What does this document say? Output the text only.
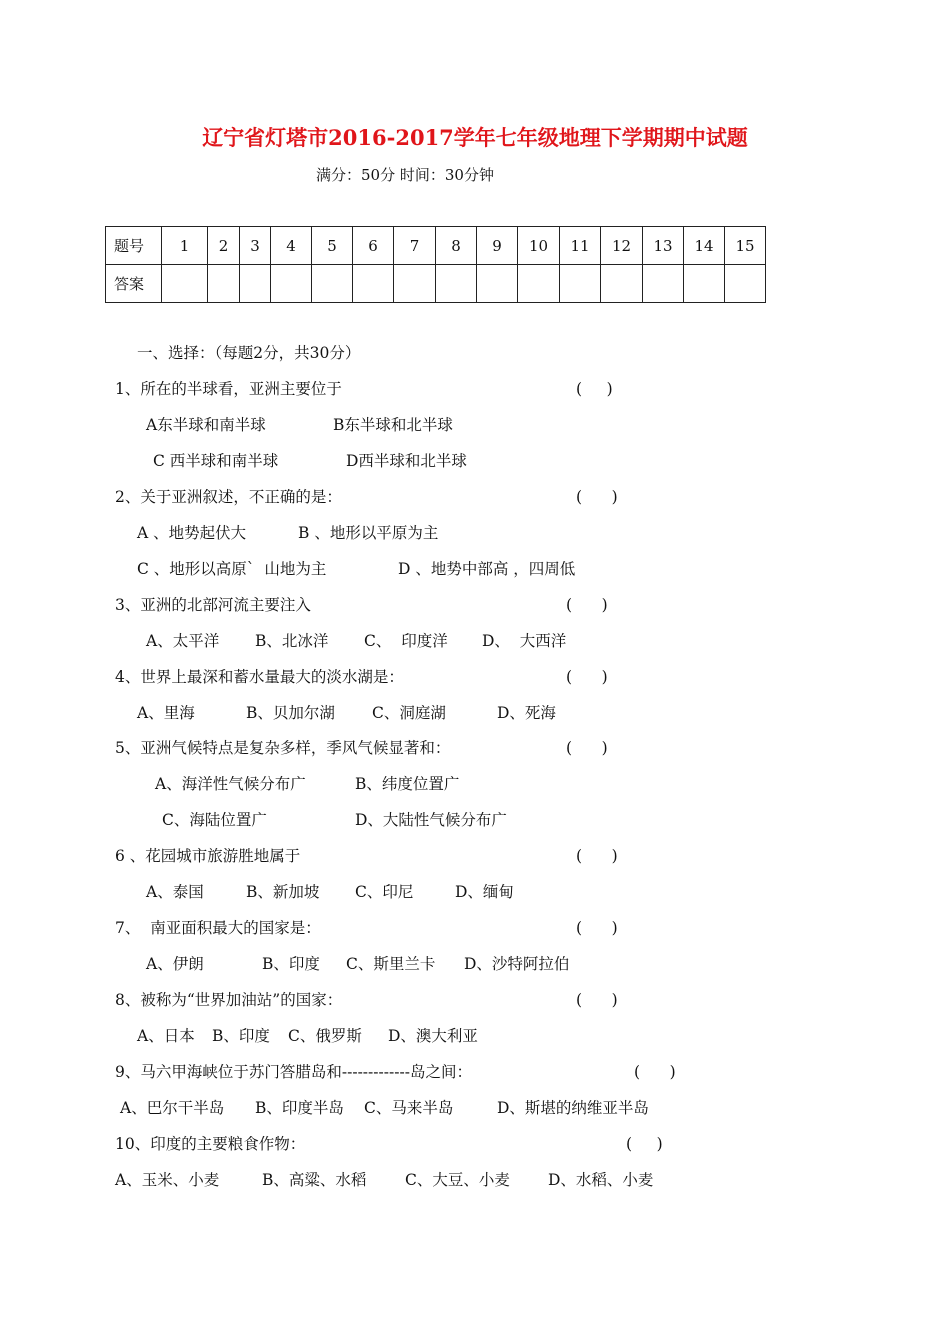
辽宁省灯塔市2016-2017学年七年级地理下学期期中试题
满分：50分 时间：30分钟
题号	1	2	3	4	5	6	7	8	9	10	11	12	13	14	15
答案															
一、选择：（每题2分，共30分）
1、所在的半球看，亚洲主要位于	(     )
A东半球和南半球	B东半球和北半球
C 西半球和南半球	D西半球和北半球
2、关于亚洲叙述，不正确的是：	(      )
A 、地势起伏大	B 、地形以平原为主
C 、地形以高原`  山地为主	D 、地势中部高 ，四周低
3、亚洲的北部河流主要注入	(      )
A、太平洋 B、北冰洋 C、  印度洋 D、  大西洋
4、世界上最深和蓄水量最大的淡水湖是：	(      )
A、里海	B、贝加尔湖 C、洞庭湖	D、死海
5、亚洲气候特点是复杂多样，季风气候显著和：	(      )
A、海洋性气候分布广	B、纬度位置广
C、海陆位置广	D、大陆性气候分布广
6 、花园城市旅游胜地属于	(      )
A、泰国	B、新加坡 C、印尼	D、缅甸
7、  南亚面积最大的国家是：	(      )
A、伊朗	B、印度 C、斯里兰卡 D、沙特阿拉伯
8、被称为“世界加油站”的国家：	(      )
A、日本 B、印度 C、俄罗斯 D、澳大利亚
9、马六甲海峡位于苏门答腊岛和-------------岛之间：	(      )
A、巴尔干半岛 B、印度半岛 C、马来半岛	D、斯堪的纳维亚半岛
10、印度的主要粮食作物：	(     )
A、玉米、小麦	B、高粱、水稻 C、大豆、小麦 D、水稻、小麦
